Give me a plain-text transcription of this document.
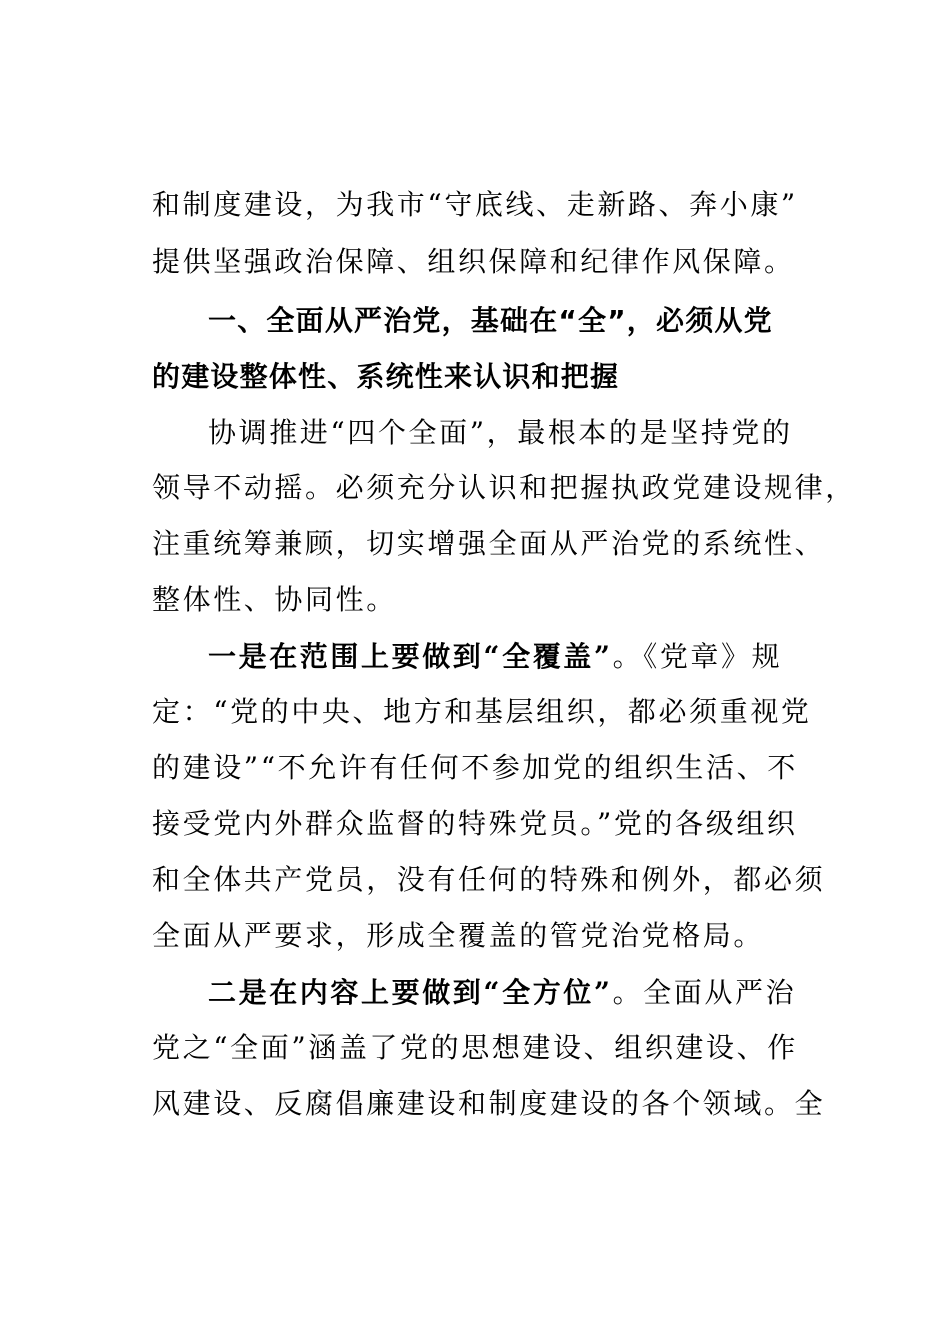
和制度建设，为我市“守底线、走新路、奔小康”
提供坚强政治保障、组织保障和纪律作风保障。
一、全面从严治党，基础在“全”，必须从党
的建设整体性、系统性来认识和把握
协调推进“四个全面”，最根本的是坚持党的
领导不动摇。必须充分认识和把握执政党建设规律，
注重统筹兼顾，切实增强全面从严治党的系统性、
整体性、协同性。
一是在范围上要做到“全覆盖”。《党章》规
定：“党的中央、地方和基层组织，都必须重视党
的建设”“不允许有任何不参加党的组织生活、不
接受党内外群众监督的特殊党员。”党的各级组织
和全体共产党员，没有任何的特殊和例外，都必须
全面从严要求，形成全覆盖的管党治党格局。
二是在内容上要做到“全方位”。全面从严治
党之“全面”涵盖了党的思想建设、组织建设、作
风建设、反腐倡廉建设和制度建设的各个领域。全
